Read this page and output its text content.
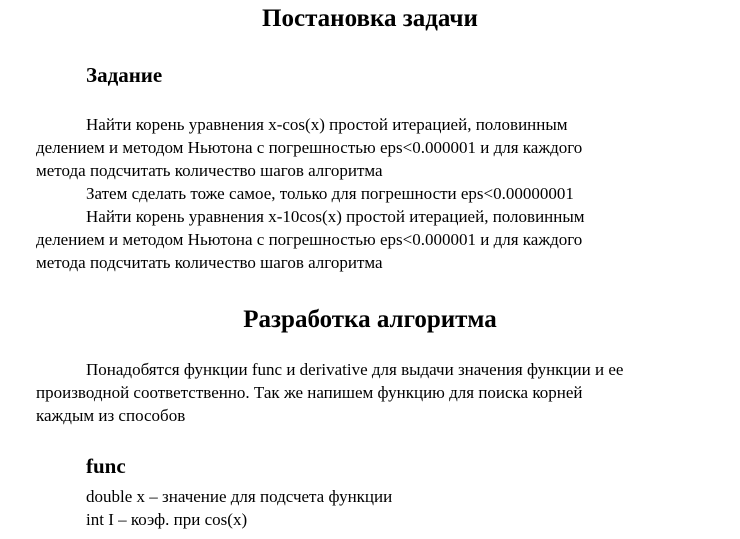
Постановка задачи
Задание
Найти корень уравнения x-cos(x) простой итерацией, половинным
делением и методом Ньютона с погрешностью eps<0.000001 и для каждого
метода подсчитать количество шагов алгоритма
Затем сделать тоже самое, только для погрешности eps<0.00000001
Найти корень уравнения x-10cos(x) простой итерацией, половинным
делением и методом Ньютона с погрешностью eps<0.000001 и для каждого
метода подсчитать количество шагов алгоритма
Разработка алгоритма
Понадобятся функции func и derivative для выдачи значения функции и ее
производной соответственно. Так же напишем функцию для поиска корней
каждым из способов
func
double x – значение для подсчета функции
int I – коэф. при cos(x)
